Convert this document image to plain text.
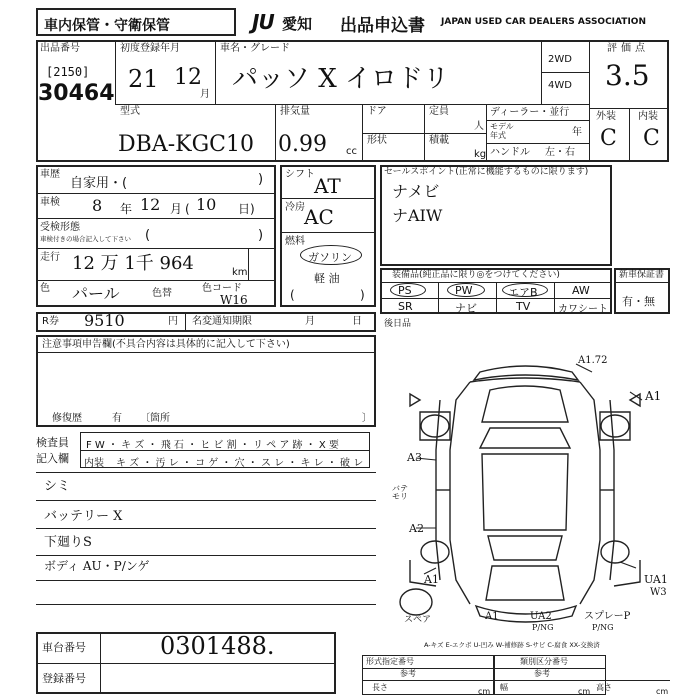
車内保管・守衛保管	JU 愛知 出品申込書 JAPAN USED CAR DEALERS ASSOCIATION
出品番号
[2150]
30464
初度登録年月
21 12
月
車名・グレード
パッソ X イロドリ
2WD
4WD
評価点
3.5
外装 内装
C C
型式
DBA-KGC10
排気量
0.99 cc
ドア	定員
人
形状	積載
kg
ディーラー・並行
モデル
年式	年
ハンドル 左・右
車歴
自家用・(	)
車検 8 年 12 月 ( 10 日)
受検形態
車検付きの場合記入して下さい (	)
走行 12 万 1千 964	km
色 パール	色替	色コード
W16
シフト AT
冷房 AC
燃料
ガソリン
軽 油
(	)
セールスポイント(正常に機能するものに限ります)
ナメビ
ナAIW
装備品(純正品に限り◎をつけてください)
PS	PW	エアB	AW
SR	ナビ	TV	カワシート
新車保証書
有・無
R券 9510	円 名変通知期限	月	日 後日品
注意事項申告欄(不具合内容は具体的に記入して下さい)
修復歴	有 〔箇所	〕
検査員
記入欄
F W ・ キ ズ ・ 飛 石 ・ ヒ ビ 割 ・ リ ペ ア 跡 ・ X 要
内装 キ ズ ・ 汚 レ ・ コ ゲ ・ 穴 ・ ス レ ・ キ レ ・ 破 レ
シミ
バッテリー X
下廻りS
ボディ AU・P/ンゲ
車台番号	0301488.
登録番号
A1.72
A1
A3
バテモリ
A2
A1	UA1
W3
A1	UA2
P/NG
スプレーP
P/NG
スペア
A-キズ E-エクボ U-凹み W-補修跡 S-サビ C-腐食 XX-交換済
形式指定番号	類別区分番号
参考	参考
長さ	cm 幅	cm 高さ	cm
